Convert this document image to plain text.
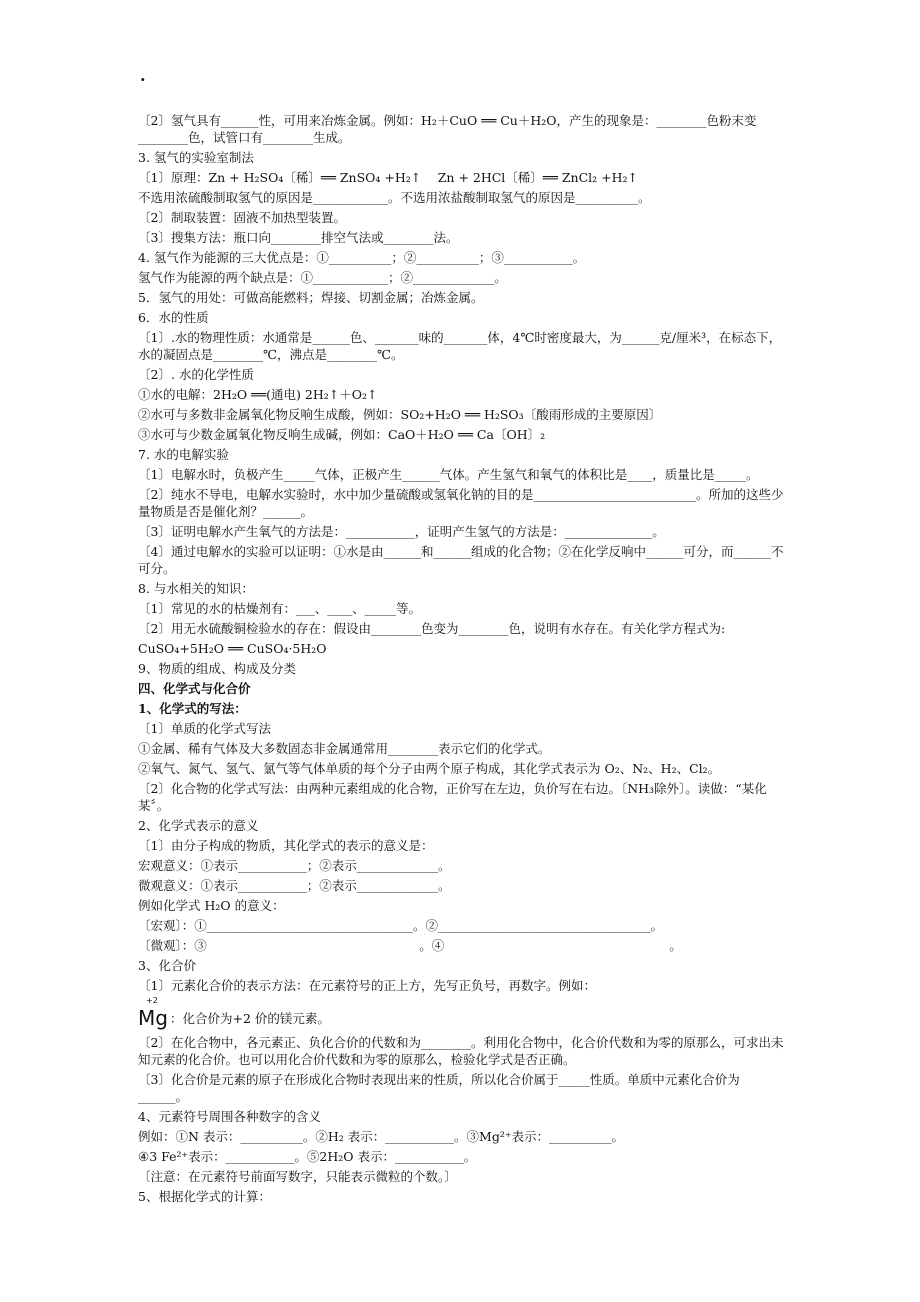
.
〔2〕氢气具有______性，可用来冶炼金属。例如：H₂＋CuO ══ Cu＋H₂O，产生的现象是：________色粉末变________色，试管口有________生成。
3. 氢气的实验室制法
〔1〕原理：Zn + H₂SO₄〔稀〕══ ZnSO₄ +H₂↑　 Zn + 2HCl〔稀〕══ ZnCl₂ +H₂↑
不选用浓硫酸制取氢气的原因是____________。不选用浓盐酸制取氢气的原因是__________。
〔2〕制取装置：固液不加热型装置。
〔3〕搜集方法：瓶口向________排空气法或________法。
4. 氢气作为能源的三大优点是：①__________；②__________；③___________。
氢气作为能源的两个缺点是：①____________；②_____________。
5．氢气的用处：可做高能燃料；焊接、切割金属；冶炼金属。
6．水的性质
〔1〕.水的物理性质：水通常是______色、_______味的_______体，4℃时密度最大，为______克/厘米³，在标态下，水的凝固点是________℃，沸点是________℃。
〔2〕. 水的化学性质
①水的电解：2H₂O ══(通电) 2H₂↑＋O₂↑
②水可与多数非金属氧化物反响生成酸，例如：SO₂+H₂O ══ H₂SO₃〔酸雨形成的主要原因〕
③水可与少数金属氧化物反响生成碱，例如：CaO＋H₂O ══ Ca〔OH〕₂
7. 水的电解实验
〔1〕电解水时，负极产生_____气体，正极产生______气体。产生氢气和氧气的体积比是____，质量比是_____。
〔2〕纯水不导电，电解水实验时，水中加少量硫酸或氢氧化钠的目的是__________________________。所加的这些少量物质是否是催化剂？______。
〔3〕证明电解水产生氧气的方法是：___________，证明产生氢气的方法是：______________。
〔4〕通过电解水的实验可以证明：①水是由______和______组成的化合物；②在化学反响中______可分，而______不可分。
8. 与水相关的知识：
〔1〕常见的水的枯燥剂有：___、____、_____等。
〔2〕用无水硫酸铜检验水的存在：假设由________色变为________色，说明有水存在。有关化学方程式为:
CuSO₄+5H₂O ══ CuSO₄·5H₂O
9、物质的组成、构成及分类
四、化学式与化合价
1、化学式的写法：
〔1〕单质的化学式写法
①金属、稀有气体及大多数固态非金属通常用________表示它们的化学式。
②氧气、氮气、氢气、氯气等气体单质的每个分子由两个原子构成，其化学式表示为 O₂、N₂、H₂、Cl₂。
〔2〕化合物的化学式写法：由两种元素组成的化合物，正价写在左边，负价写在右边。〔NH₃除外〕。读做：“某化某〞。
2、化学式表示的意义
〔1〕由分子构成的物质，其化学式的表示的意义是：
宏观意义：①表示___________；②表示_____________。
微观意义：①表示___________；②表示_____________。
例如化学式 H₂O 的意义：
〔宏观〕：①_________________________________。②__________________________________。
〔微观〕：③　　　　　　　　　　　　　　　　　。④　　　　　　　　　　　　　　　　　　。
3、化合价
〔1〕元素化合价的表示方法：在元素符号的正上方，先写正负号，再数字。例如：
+2
Mg ：化合价为+2 价的镁元素。
〔2〕在化合物中，各元素正、负化合价的代数和为________。利用化合物中，化合价代数和为零的原那么，可求出未知元素的化合价。也可以用化合价代数和为零的原那么，检验化学式是否正确。
〔3〕化合价是元素的原子在形成化合物时表现出来的性质，所以化合价属于_____性质。单质中元素化合价为______。
4、元素符号周围各种数字的含义
例如：①N 表示：__________。②H₂ 表示：___________。③Mg²⁺表示：__________。
④3 Fe²⁺表示：___________。⑤2H₂O 表示：___________。
〔注意：在元素符号前面写数字，只能表示微粒的个数。〕
5、根据化学式的计算：
